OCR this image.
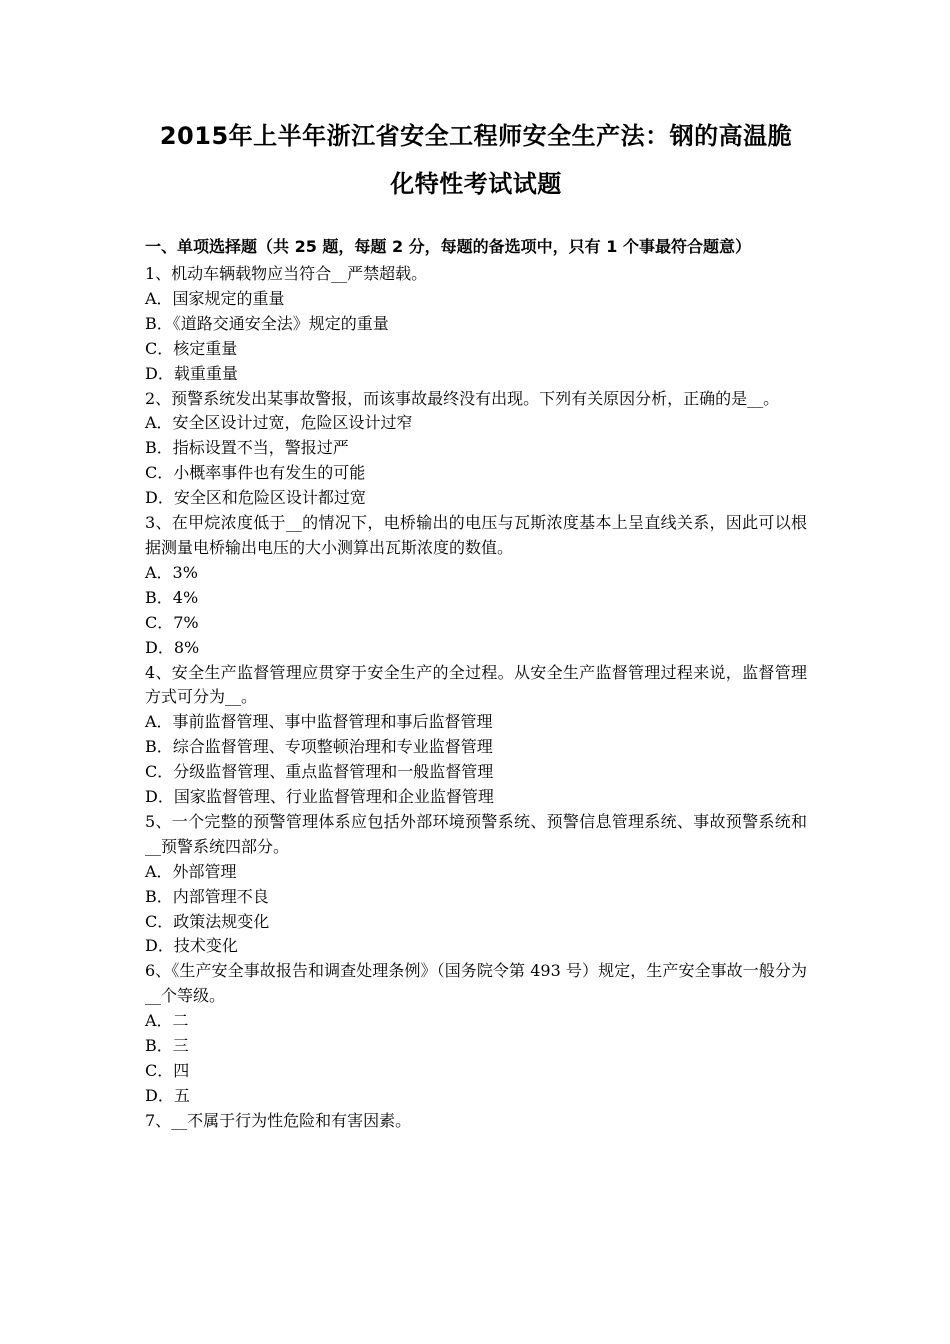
2015年上半年浙江省安全工程师安全生产法：钢的高温脆
化特性考试试题
一、单项选择题（共 25 题，每题 2 分，每题的备选项中，只有 1 个事最符合题意）

1、机动车辆载物应当符合__严禁超载。

A．国家规定的重量

B．《道路交通安全法》规定的重量

C．核定重量

D．载重重量

2、预警系统发出某事故警报，而该事故最终没有出现。下列有关原因分析，正确的是__。

A．安全区设计过宽，危险区设计过窄

B．指标设置不当，警报过严

C．小概率事件也有发生的可能

D．安全区和危险区设计都过宽

3、在甲烷浓度低于__的情况下，电桥输出的电压与瓦斯浓度基本上呈直线关系，因此可以根据测量电桥输出电压的大小测算出瓦斯浓度的数值。

A．3%

B．4%

C．7%

D．8%

4、安全生产监督管理应贯穿于安全生产的全过程。从安全生产监督管理过程来说，监督管理方式可分为__。

A．事前监督管理、事中监督管理和事后监督管理

B．综合监督管理、专项整顿治理和专业监督管理

C．分级监督管理、重点监督管理和一般监督管理

D．国家监督管理、行业监督管理和企业监督管理

5、一个完整的预警管理体系应包括外部环境预警系统、预警信息管理系统、事故预警系统和__预警系统四部分。

A．外部管理

B．内部管理不良

C．政策法规变化

D．技术变化

6、《生产安全事故报告和调查处理条例》（国务院令第 493 号）规定，生产安全事故一般分为__个等级。

A．二

B．三

C．四

D．五

7、__不属于行为性危险和有害因素。
